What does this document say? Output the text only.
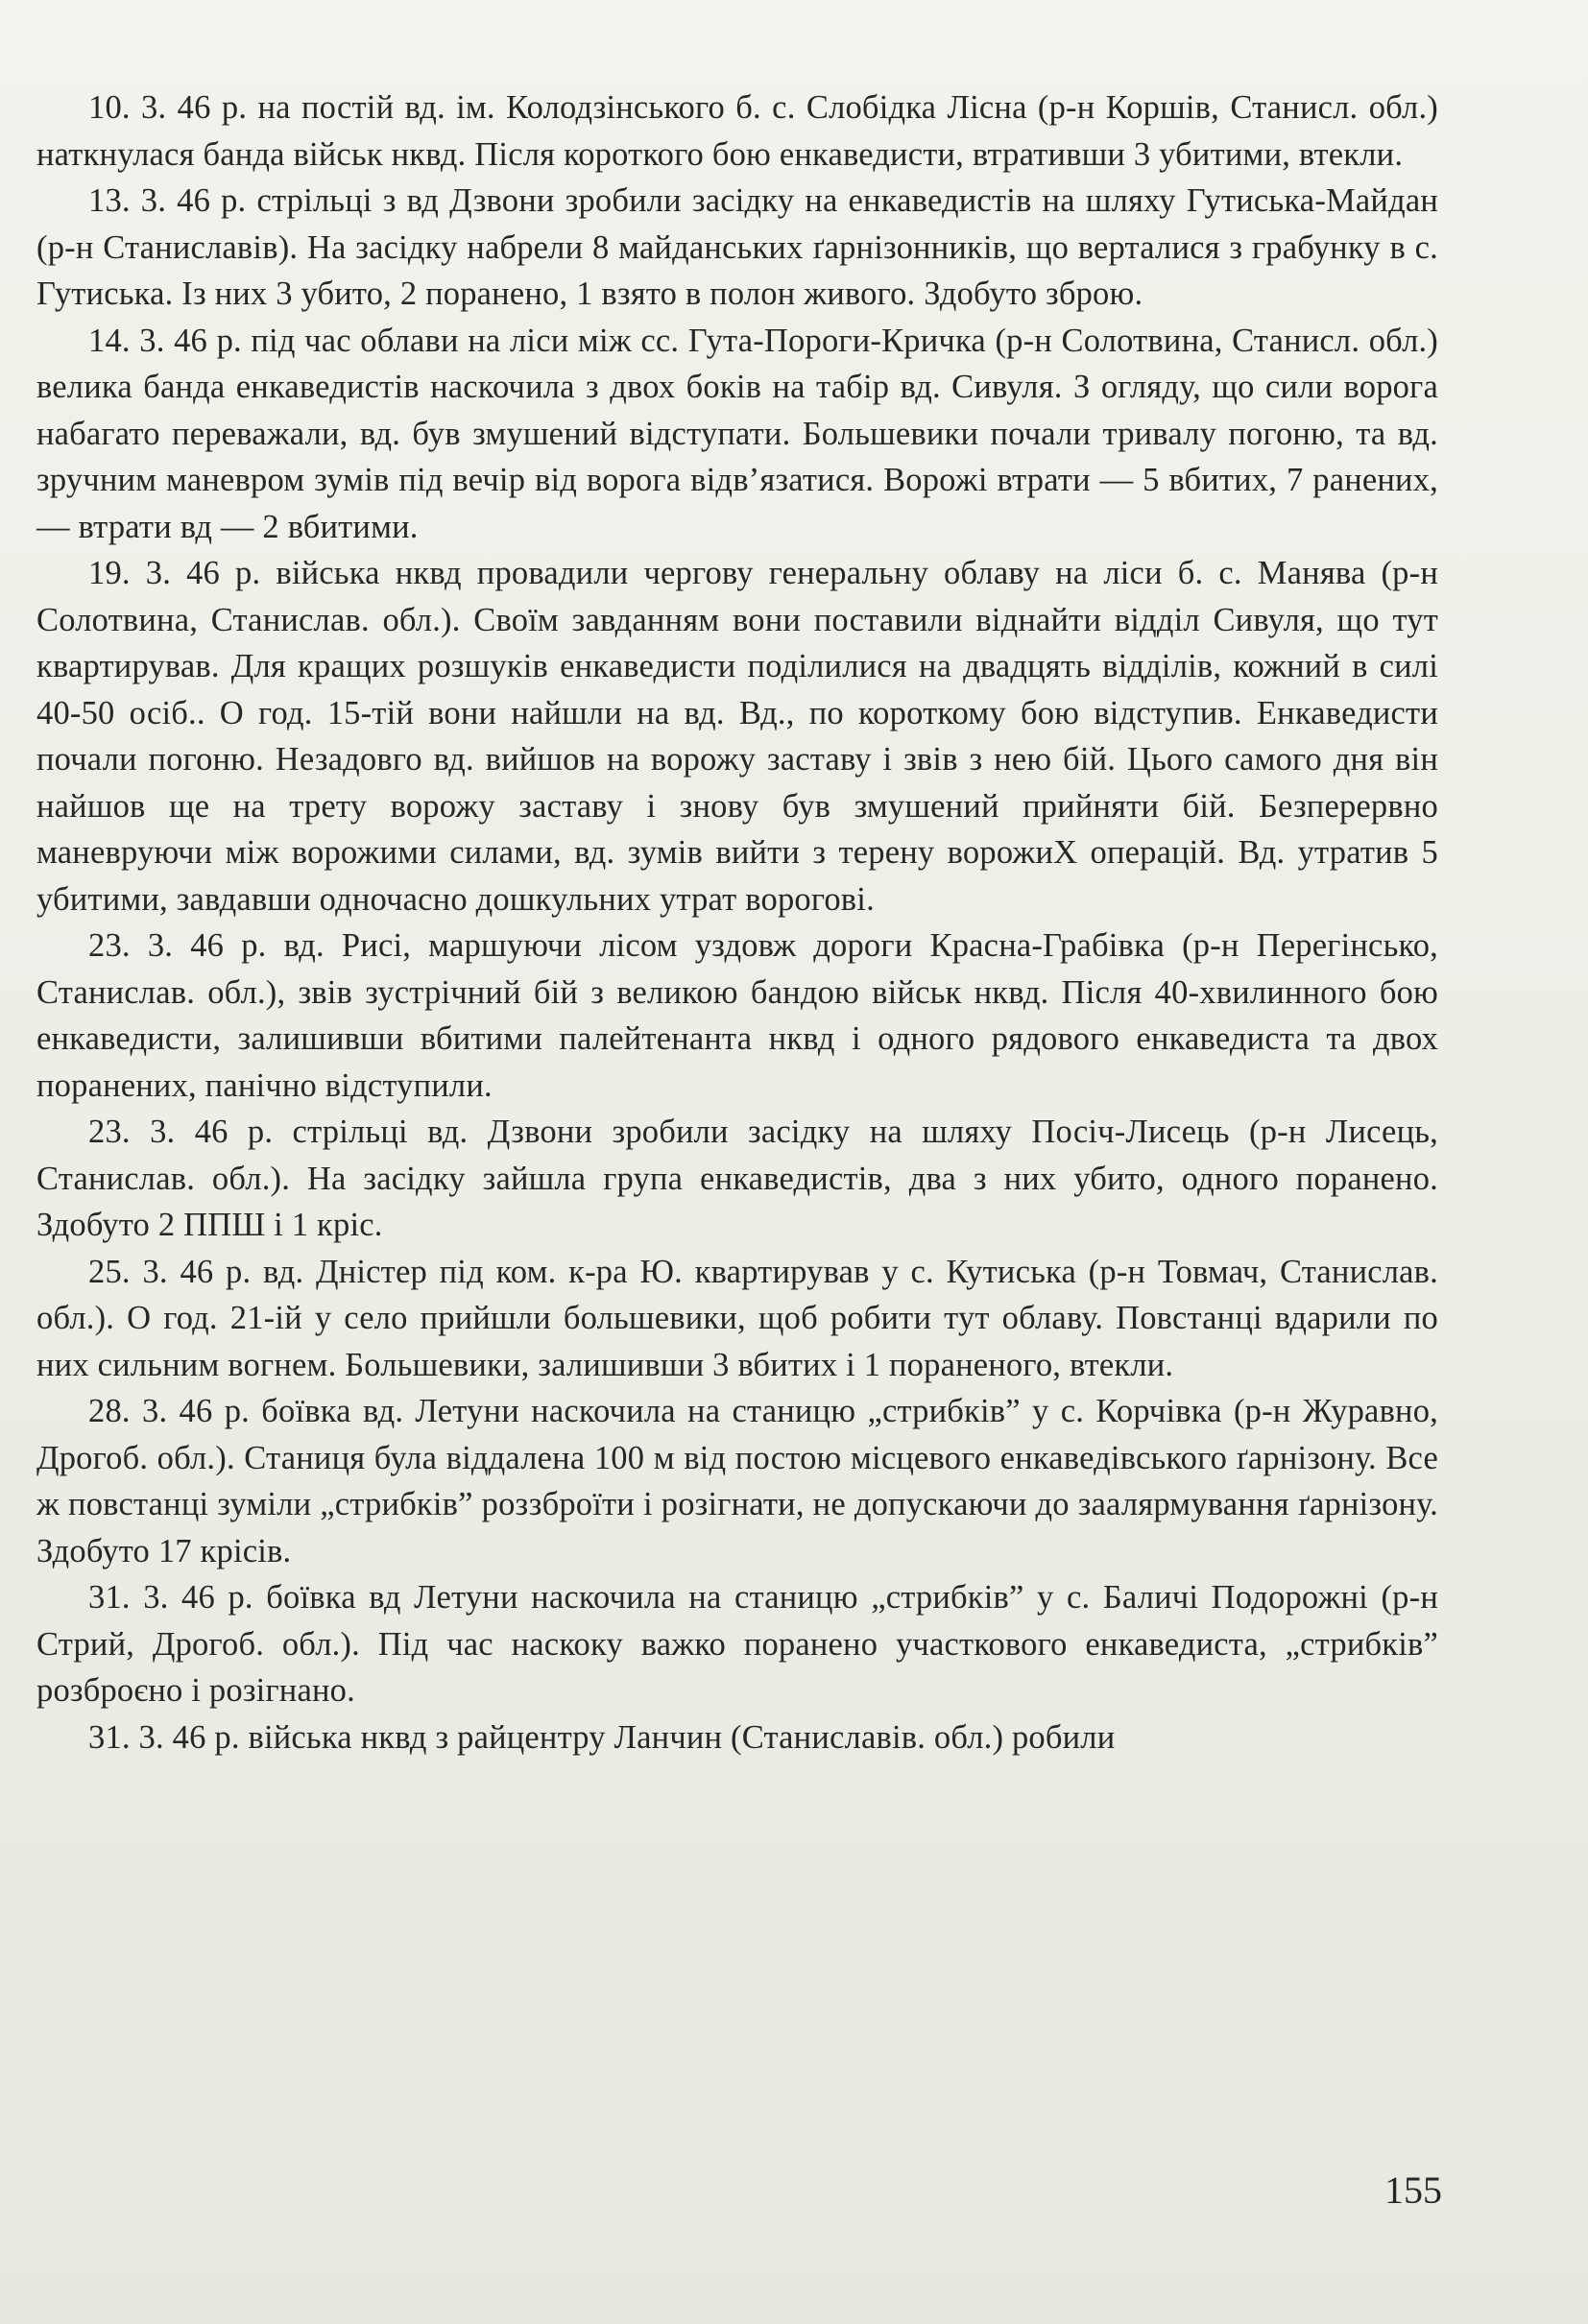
10. 3. 46 р. на постій вд. ім. Колодзінського б. с. Слобідка Лісна (р-н Коршів, Станисл. обл.) наткнулася банда військ нквд. Після короткого бою енкаведисти, втративши 3 убитими, втекли.

13. 3. 46 р. стрільці з вд Дзвони зробили засідку на енкаведистів на шляху Гутиська-Майдан (р-н Станиславів). На засідку набрели 8 майданських ґарнізонників, що верталися з грабунку в с. Гутиська. Із них 3 убито, 2 поранено, 1 взято в полон живого. Здобуто зброю.

14. 3. 46 р. під час облави на ліси між сс. Гута-Пороги-Кричка (р-н Солотвина, Станисл. обл.) велика банда енкаведистів наскочила з двох боків на табір вд. Сивуля. З огляду, що сили ворога набагато переважали, вд. був змушений відступати. Большевики почали тривалу погоню, та вд. зручним маневром зумів під вечір від ворога відв’язатися. Ворожі втрати — 5 вбитих, 7 ранених, — втрати вд — 2 вбитими.

19. 3. 46 р. війська нквд провадили чергову генеральну облаву на ліси б. с. Манява (р-н Солотвина, Станислав. обл.). Своїм завданням вони поставили віднайти відділ Сивуля, що тут квартирував. Для кращих розшуків енкаведисти поділилися на двадцять відділів, кожний в силі 40-50 осіб.. О год. 15-тій вони найшли на вд. Вд., по короткому бою відступив. Енкаведисти почали погоню. Незадовго вд. вийшов на ворожу заставу і звів з нею бій. Цього самого дня він найшов ще на трету ворожу заставу і знову був змушений прийняти бій. Безперервно маневруючи між ворожими силами, вд. зумів вийти з терену ворожиХ операцій. Вд. утратив 5 убитими, завдавши одночасно дошкульних утрат ворогові.

23. 3. 46 р. вд. Рисі, маршуючи лісом уздовж дороги Красна-Грабівка (р-н Перегінсько, Станислав. обл.), звів зустрічний бій з великою бандою військ нквд. Після 40-хвилинного бою енкаведисти, залишивши вбитими палейтенанта нквд і одного рядового енкаведиста та двох поранених, панічно відступили.

23. 3. 46 р. стрільці вд. Дзвони зробили засідку на шляху Посіч-Лисець (р-н Лисець, Станислав. обл.). На засідку зайшла група енкаведистів, два з них убито, одного поранено. Здобуто 2 ППШ і 1 кріс.

25. 3. 46 р. вд. Дністер під ком. к-ра Ю. квартирував у с. Кутиська (р-н Товмач, Станислав. обл.). О год. 21-ій у село прийшли большевики, щоб робити тут облаву. Повстанці вдарили по них сильним вогнем. Большевики, залишивши 3 вбитих і 1 пораненого, втекли.

28. 3. 46 р. боївка вд. Летуни наскочила на станицю „стрибків” у с. Корчівка (р-н Журавно, Дрогоб. обл.). Станиця була віддалена 100 м від постою місцевого енкаведівського ґарнізону. Все ж повстанці зуміли „стрибків” роззброїти і розігнати, не допускаючи до заалярмування ґарнізону. Здобуто 17 крісів.

31. 3. 46 р. боївка вд Летуни наскочила на станицю „стрибків” у с. Баличі Подорожні (р-н Стрий, Дрогоб. обл.). Під час наскоку важко поранено участкового енкаведиста, „стрибків” розброєно і розігнано.

31. 3. 46 р. війська нквд з райцентру Ланчин (Станиславів. обл.) робили

155
